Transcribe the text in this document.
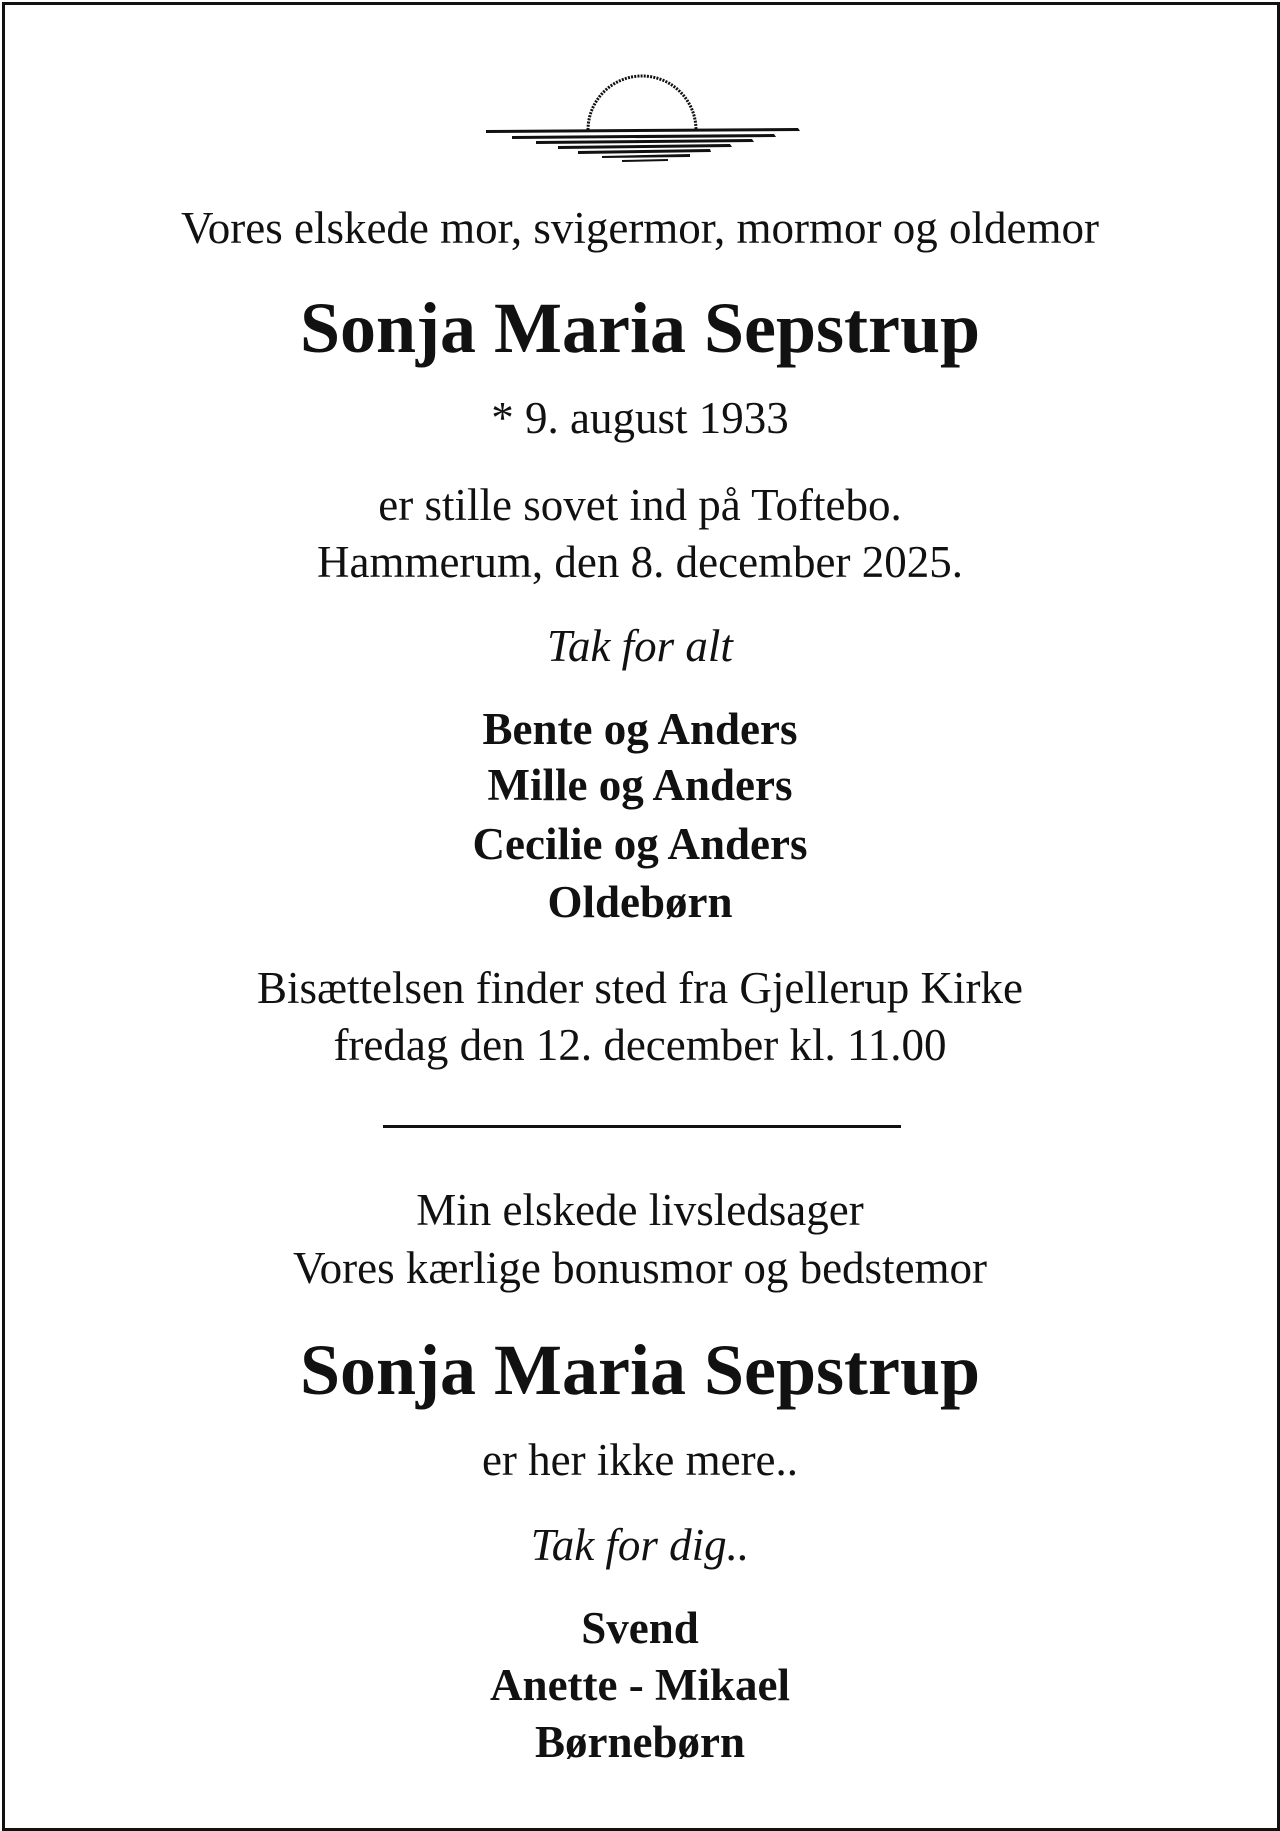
Vores elskede mor, svigermor, mormor og oldemor
Sonja Maria Sepstrup
* 9. august 1933
er stille sovet ind på Toftebo.
Hammerum, den 8. december 2025.
Tak for alt
Bente og Anders
Mille og Anders
Cecilie og Anders
Oldebørn
Bisættelsen finder sted fra Gjellerup Kirke
fredag den 12. december kl. 11.00
Min elskede livsledsager
Vores kærlige bonusmor og bedstemor
Sonja Maria Sepstrup
er her ikke mere..
Tak for dig..
Svend
Anette - Mikael
Børnebørn
